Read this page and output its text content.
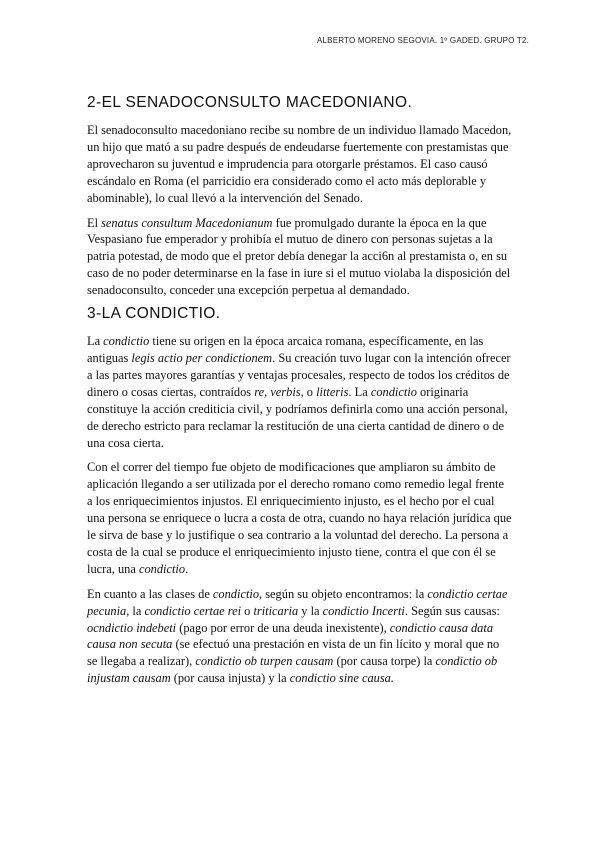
ALBERTO MORENO SEGOVIA. 1º GADED. GRUPO T2.
2-EL SENADOCONSULTO MACEDONIANO.

El senadoconsulto macedoniano recibe su nombre de un individuo llamado Macedon, un hijo que mató a su padre después de endeudarse fuertemente con prestamistas que aprovecharon su juventud e imprudencia para otorgarle préstamos. El caso causó escándalo en Roma (el parricidio era considerado como el acto más deplorable y abominable), lo cual llevó a la intervención del Senado.

El senatus consultum Macedonianum fue promulgado durante la época en la que Vespasiano fue emperador y prohibía el mutuo de dinero con personas sujetas a la patria potestad, de modo que el pretor debía denegar la acci6n al prestamista o, en su caso de no poder determinarse en la fase in iure si el mutuo violaba la disposición del senadoconsulto, conceder una excepción perpetua al demandado.

3-LA CONDICTIO.

La condictio tiene su origen en la época arcaica romana, específicamente, en las antiguas legis actio per condictionem. Su creación tuvo lugar con la intención ofrecer a las partes mayores garantías y ventajas procesales, respecto de todos los créditos de dinero o cosas ciertas, contraídos re, verbis, o litteris. La condictio originaria constituye la acción crediticia civil, y podríamos definirla como una acción personal, de derecho estricto para reclamar la restitución de una cierta cantidad de dinero o de una cosa cierta.

Con el correr del tiempo fue objeto de modificaciones que ampliaron su ámbito de aplicación llegando a ser utilizada por el derecho romano como remedio legal frente a los enriquecimientos injustos. El enriquecimiento injusto, es el hecho por el cual una persona se enriquece o lucra a costa de otra, cuando no haya relación jurídica que le sirva de base y lo justifique o sea contrario a la voluntad del derecho. La persona a costa de la cual se produce el enriquecimiento injusto tiene, contra el que con él se lucra, una condictio.

En cuanto a las clases de condictio, según su objeto encontramos: la condictio certae pecunia, la condictio certae rei o triticaria y la condictio Incerti. Según sus causas: ocndictio indebeti (pago por error de una deuda inexistente), condictio causa data causa non secuta (se efectuó una prestación en vista de un fin lícito y moral que no se llegaba a realizar), condictio ob turpen causam (por causa torpe) la condictio ob injustam causam (por causa injusta) y la condictio sine causa.
